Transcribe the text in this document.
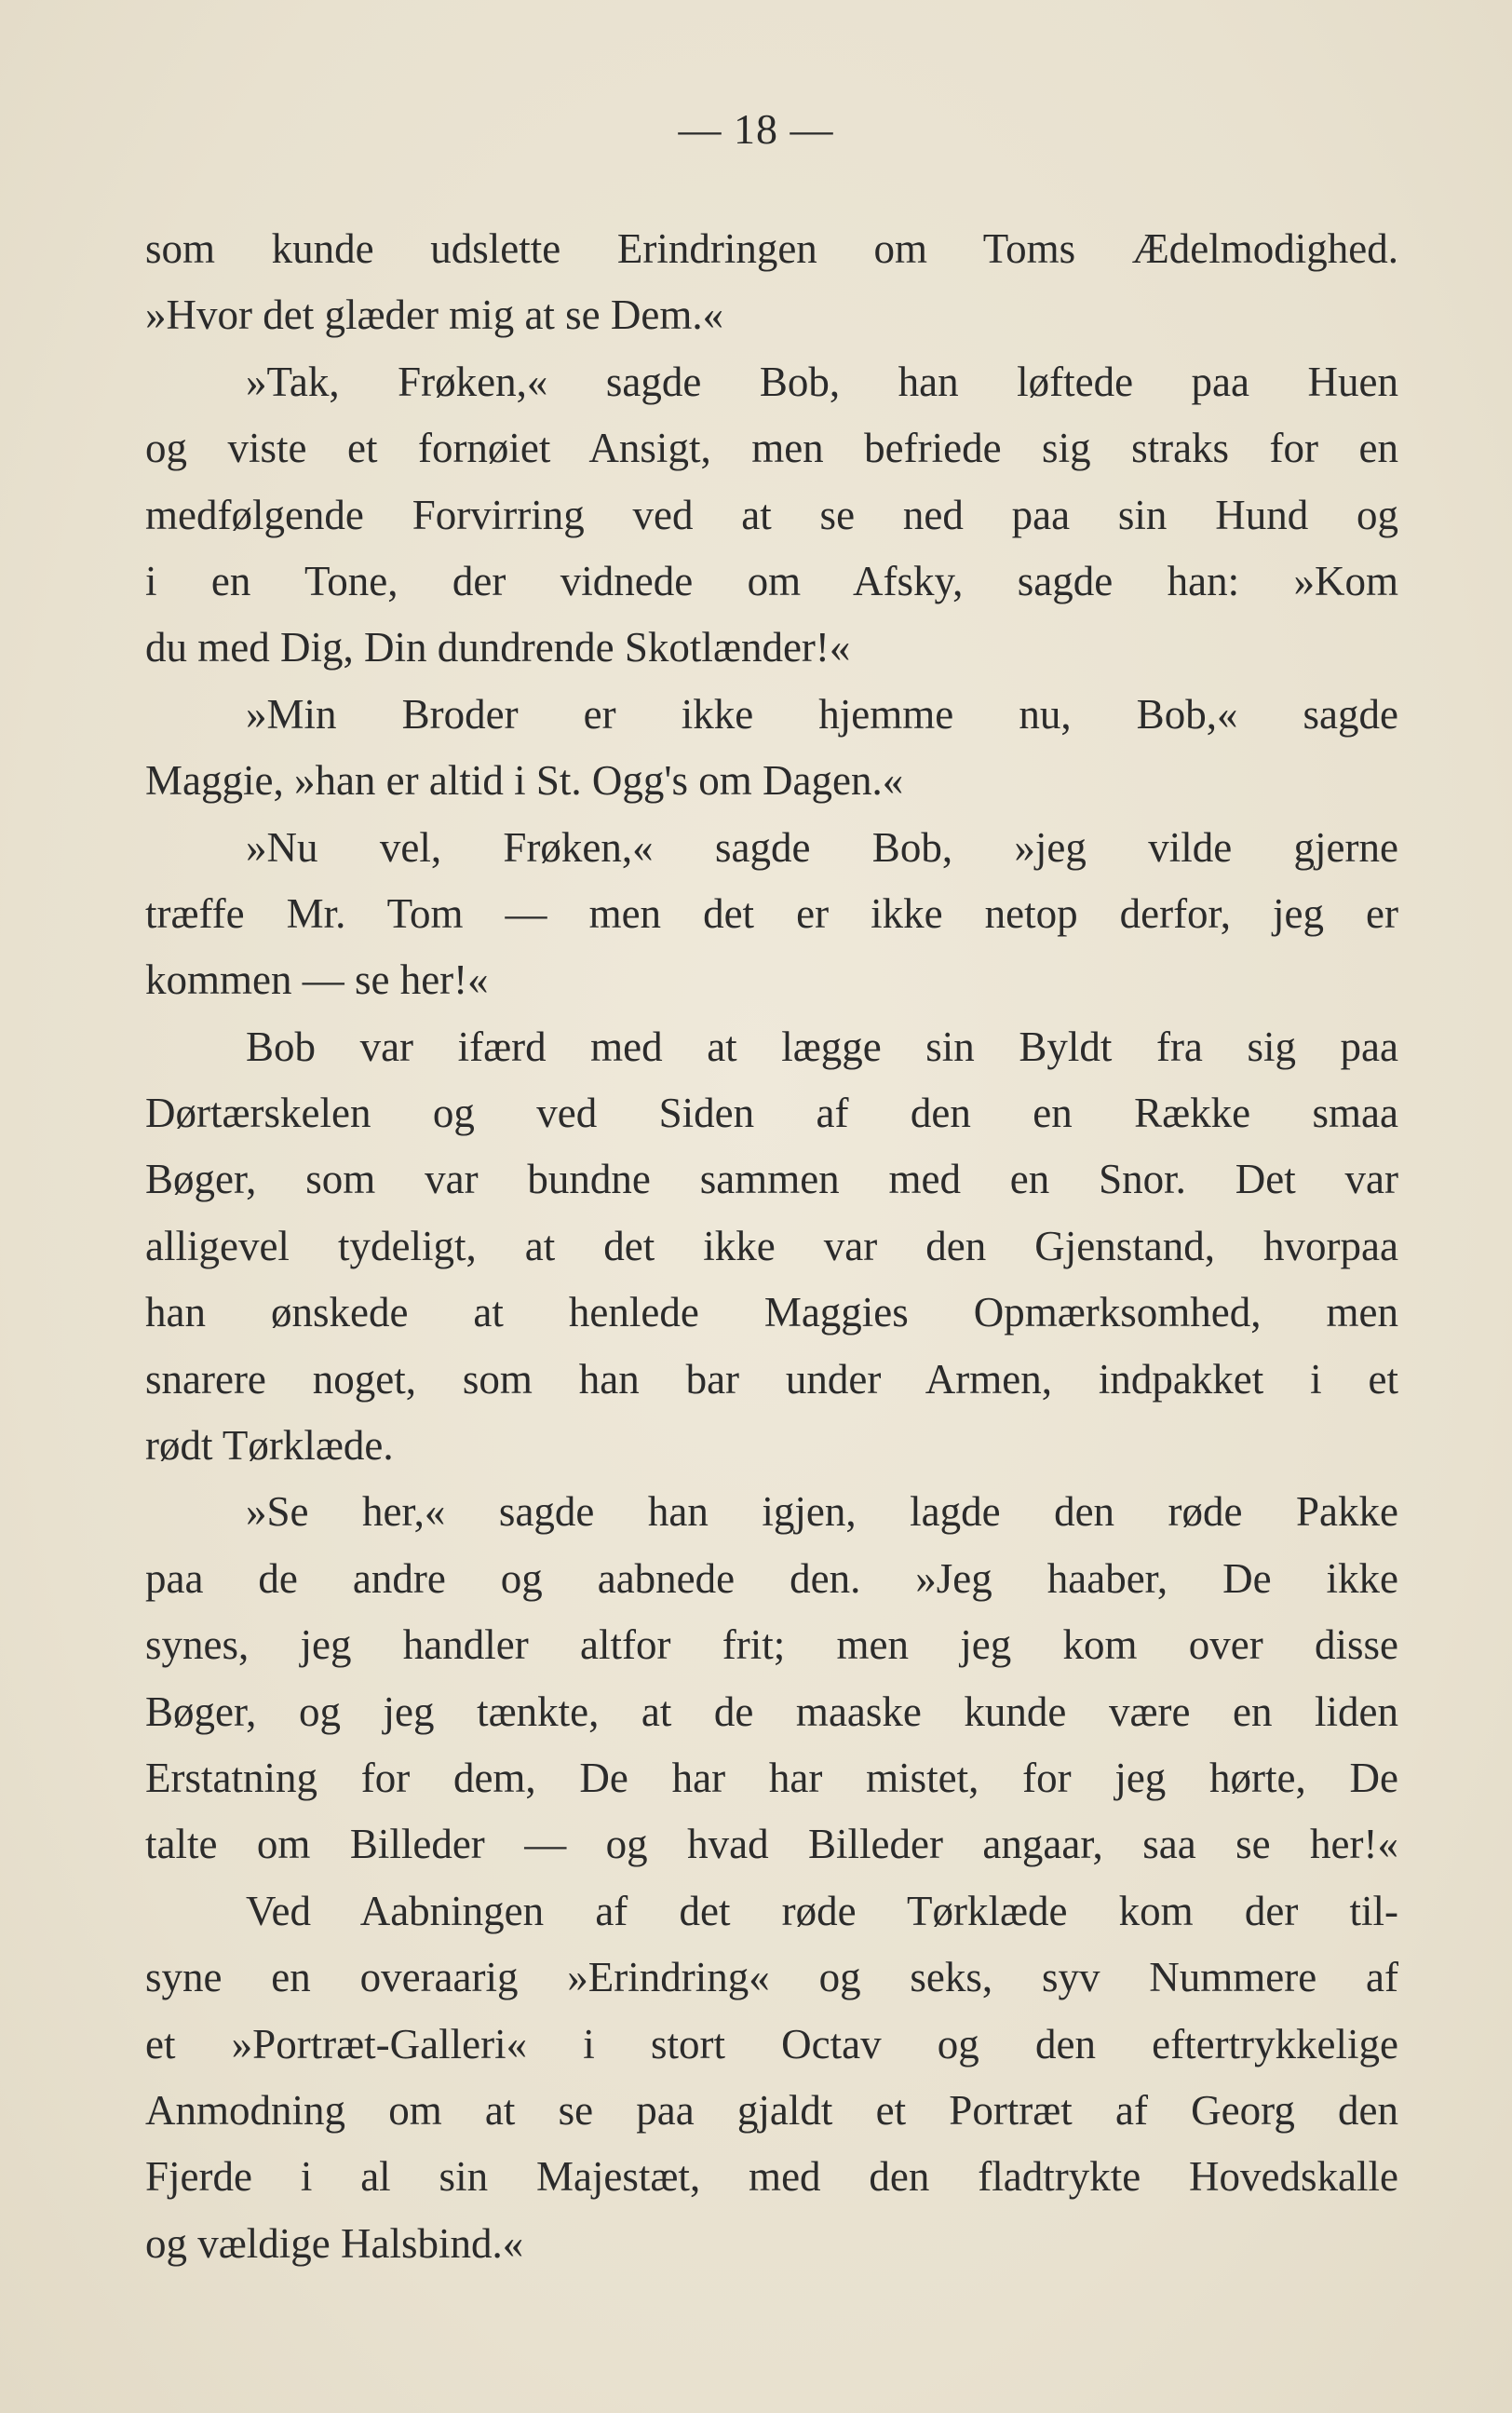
— 18 —
som kunde udslette Erindringen om Toms Ædelmodighed.
»Hvor det glæder mig at se Dem.«
»Tak, Frøken,« sagde Bob, han løftede paa Huen
og viste et fornøiet Ansigt, men befriede sig straks for en
medfølgende Forvirring ved at se ned paa sin Hund og
i en Tone, der vidnede om Afsky, sagde han: »Kom
du med Dig, Din dundrende Skotlænder!«
»Min Broder er ikke hjemme nu, Bob,« sagde
Maggie, »han er altid i St. Ogg's om Dagen.«
»Nu vel, Frøken,« sagde Bob, »jeg vilde gjerne
træffe Mr. Tom — men det er ikke netop derfor, jeg er
kommen — se her!«
Bob var ifærd med at lægge sin Byldt fra sig paa
Dørtærskelen og ved Siden af den en Række smaa
Bøger, som var bundne sammen med en Snor. Det var
alligevel tydeligt, at det ikke var den Gjenstand, hvorpaa
han ønskede at henlede Maggies Opmærksomhed, men
snarere noget, som han bar under Armen, indpakket i et
rødt Tørklæde.
»Se her,« sagde han igjen, lagde den røde Pakke
paa de andre og aabnede den. »Jeg haaber, De ikke
synes, jeg handler altfor frit; men jeg kom over disse
Bøger, og jeg tænkte, at de maaske kunde være en liden
Erstatning for dem, De har har mistet, for jeg hørte, De
talte om Billeder — og hvad Billeder angaar, saa se her!«
Ved Aabningen af det røde Tørklæde kom der til-
syne en overaarig »Erindring« og seks, syv Nummere af
et »Portræt-Galleri« i stort Octav og den eftertrykkelige
Anmodning om at se paa gjaldt et Portræt af Georg den
Fjerde i al sin Majestæt, med den fladtrykte Hovedskalle
og vældige Halsbind.«
